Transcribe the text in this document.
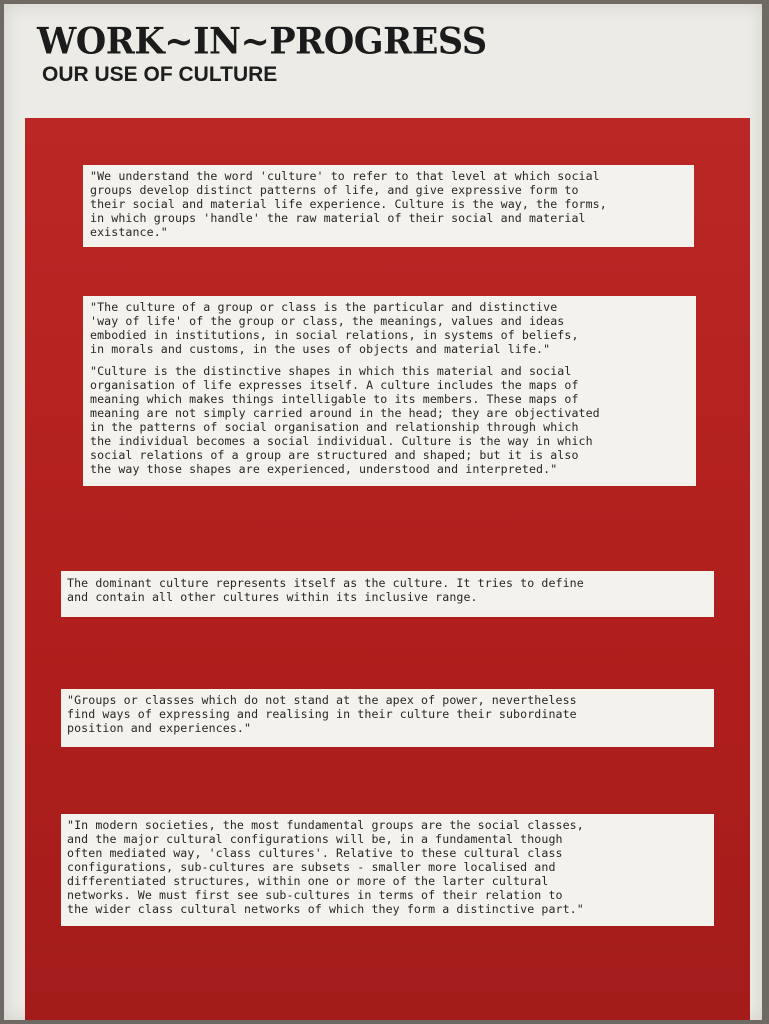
WORK~IN~PROGRESS
OUR USE OF CULTURE

"We understand the word 'culture' to refer to that level at which social
groups develop distinct patterns of life, and give expressive form to
their social and material life experience. Culture is the way, the forms,
in which groups 'handle' the raw material of their social and material
existance."

"The culture of a group or class is the particular and distinctive
'way of life' of the group or class, the meanings, values and ideas
embodied in institutions, in social relations, in systems of beliefs,
in morals and customs, in the uses of objects and material life."

"Culture is the distinctive shapes in which this material and social
organisation of life expresses itself. A culture includes the maps of
meaning which makes things intelligable to its members. These maps of
meaning are not simply carried around in the head; they are objectivated
in the patterns of social organisation and relationship through which
the individual becomes a social individual. Culture is the way in which
social relations of a group are structured and shaped; but it is also
the way those shapes are experienced, understood and interpreted."

The dominant culture represents itself as the culture. It tries to define
and contain all other cultures within its inclusive range.

"Groups or classes which do not stand at the apex of power, nevertheless
find ways of expressing and realising in their culture their subordinate
position and experiences."

"In modern societies, the most fundamental groups are the social classes,
and the major cultural configurations will be, in a fundamental though
often mediated way, 'class cultures'. Relative to these cultural class
configurations, sub-cultures are subsets - smaller more localised and
differentiated structures, within one or more of the larter cultural
networks. We must first see sub-cultures in terms of their relation to
the wider class cultural networks of which they form a distinctive part."
